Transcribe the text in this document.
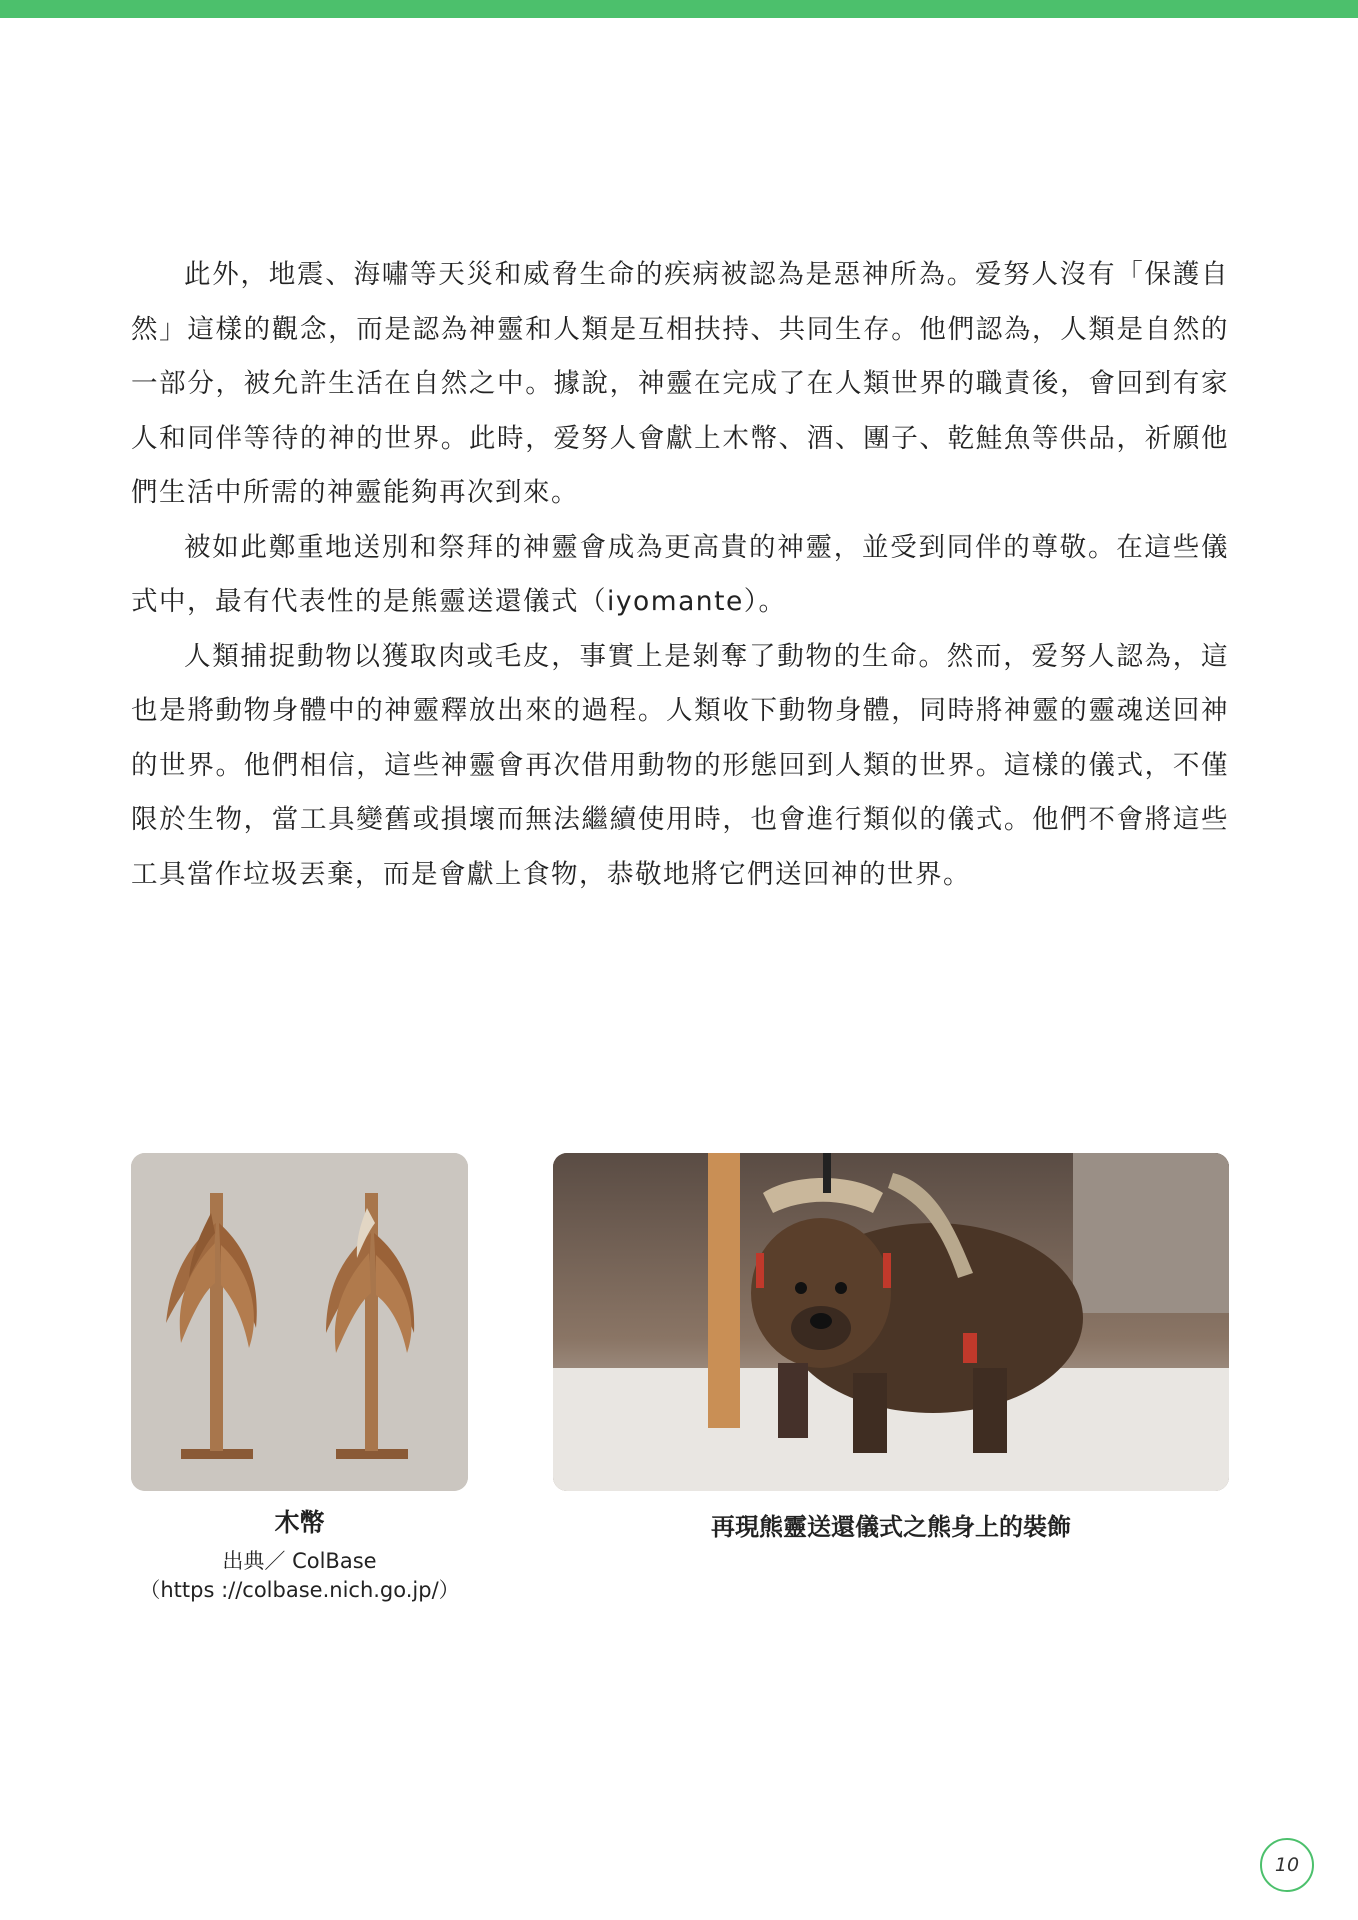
此外，地震、海嘯等天災和威脅生命的疾病被認為是惡神所為。爱努人沒有「保護自然」這樣的觀念，而是認為神靈和人類是互相扶持、共同生存。他們認為，人類是自然的一部分，被允許生活在自然之中。據說，神靈在完成了在人類世界的職責後，會回到有家人和同伴等待的神的世界。此時，爱努人會獻上木幣、酒、團子、乾鮭魚等供品，祈願他們生活中所需的神靈能夠再次到來。

被如此鄭重地送別和祭拜的神靈會成為更高貴的神靈，並受到同伴的尊敬。在這些儀式中，最有代表性的是熊靈送還儀式（iyomante）。

人類捕捉動物以獲取肉或毛皮，事實上是剝奪了動物的生命。然而，爱努人認為，這也是將動物身體中的神靈釋放出來的過程。人類收下動物身體，同時將神靈的靈魂送回神的世界。他們相信，這些神靈會再次借用動物的形態回到人類的世界。這樣的儀式，不僅限於生物，當工具變舊或損壞而無法繼續使用時，也會進行類似的儀式。他們不會將這些工具當作垃圾丟棄，而是會獻上食物，恭敬地將它們送回神的世界。

木幣
出典／ ColBase
（https ://colbase.nich.go.jp/）
再現熊靈送還儀式之熊身上的裝飾
10
